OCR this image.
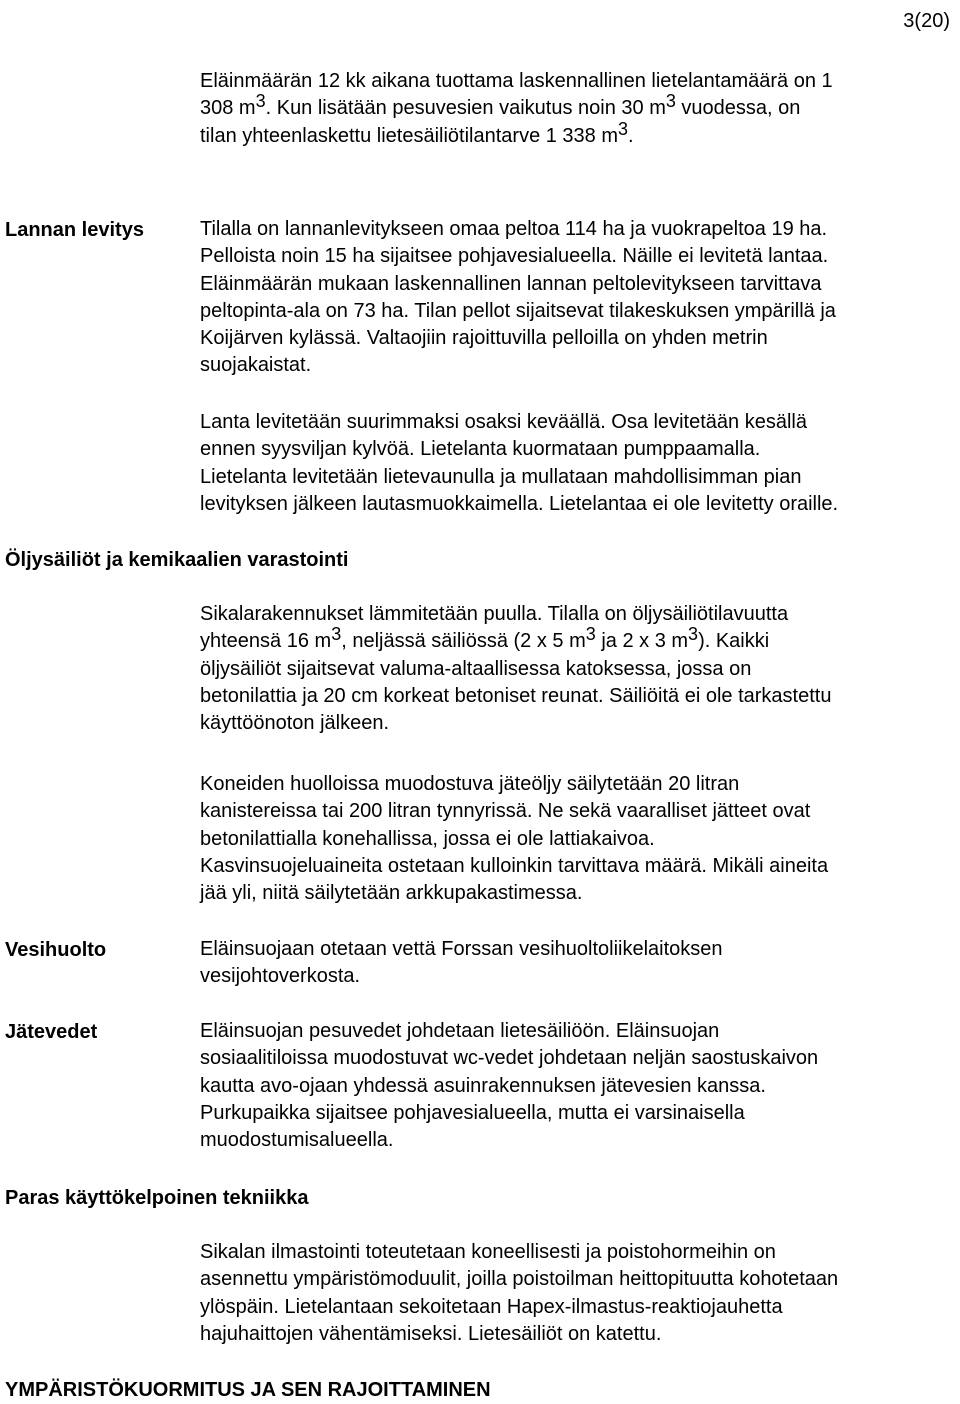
3(20)
Eläinmäärän 12 kk aikana tuottama laskennallinen lietelantamäärä on 1
308 $m^3$. Kun lisätään pesuvesien vaikutus noin 30 $m^3$ vuodessa, on
tilan yhteenlaskettu lietesäiliötilantarve 1 338 $m^3$.
Lannan levitys	Tilalla on lannanlevitykseen omaa peltoa 114 ha ja vuokrapeltoa 19 ha.
Pelloista noin 15 ha sijaitsee pohjavesialueella. Näille ei levitetä lantaa.
Eläinmäärän mukaan laskennallinen lannan peltolevitykseen tarvittava
peltopinta-ala on 73 ha. Tilan pellot sijaitsevat tilakeskuksen ympärillä ja
Koijärven kylässä. Valtaojiin rajoittuvilla pelloilla on yhden metrin
suojakaistat.
Lanta levitetään suurimmaksi osaksi keväällä. Osa levitetään kesällä
ennen syysviljan kylvöä. Lietelanta kuormataan pumppaamalla.
Lietelanta levitetään lietevaunulla ja mullataan mahdollisimman pian
levityksen jälkeen lautasmuokkaimella. Lietelantaa ei ole levitetty oraille.
Öljysäiliöt ja kemikaalien varastointi
Sikalarakennukset lämmitetään puulla. Tilalla on öljysäiliötilavuutta
yhteensä 16 $m^3$, neljässä säiliössä (2 x 5 $m^3$ ja 2 x 3 $m^3$). Kaikki
öljysäiliöt sijaitsevat valuma-altaallisessa katoksessa, jossa on
betonilattia ja 20 cm korkeat betoniset reunat. Säiliöitä ei ole tarkastettu
käyttöönoton jälkeen.
Koneiden huolloissa muodostuva jäteöljy säilytetään 20 litran
kanistereissa tai 200 litran tynnyrissä. Ne sekä vaaralliset jätteet ovat
betonilattialla konehallissa, jossa ei ole lattiakaivoa.
Kasvinsuojeluaineita ostetaan kulloinkin tarvittava määrä. Mikäli aineita
jää yli, niitä säilytetään arkkupakastimessa.
Vesihuolto	Eläinsuojaan otetaan vettä Forssan vesihuoltoliikelaitoksen
vesijohtoverkosta.
Jätevedet	Eläinsuojan pesuvedet johdetaan lietesäiliöön. Eläinsuojan
sosiaalitiloissa muodostuvat wc-vedet johdetaan neljän saostuskaivon
kautta avo-ojaan yhdessä asuinrakennuksen jätevesien kanssa.
Purkupaikka sijaitsee pohjavesialueella, mutta ei varsinaisella
muodostumisalueella.
Paras käyttökelpoinen tekniikka
Sikalan ilmastointi toteutetaan koneellisesti ja poistohormeihin on
asennettu ympäristömoduulit, joilla poistoilman heittopituutta kohotetaan
ylöspäin. Lietelantaan sekoitetaan Hapex-ilmastus-reaktiojauhetta
hajuhaittojen vähentämiseksi. Lietesäiliöt on katettu.
YMPÄRISTÖKUORMITUS JA SEN RAJOITTAMINEN
